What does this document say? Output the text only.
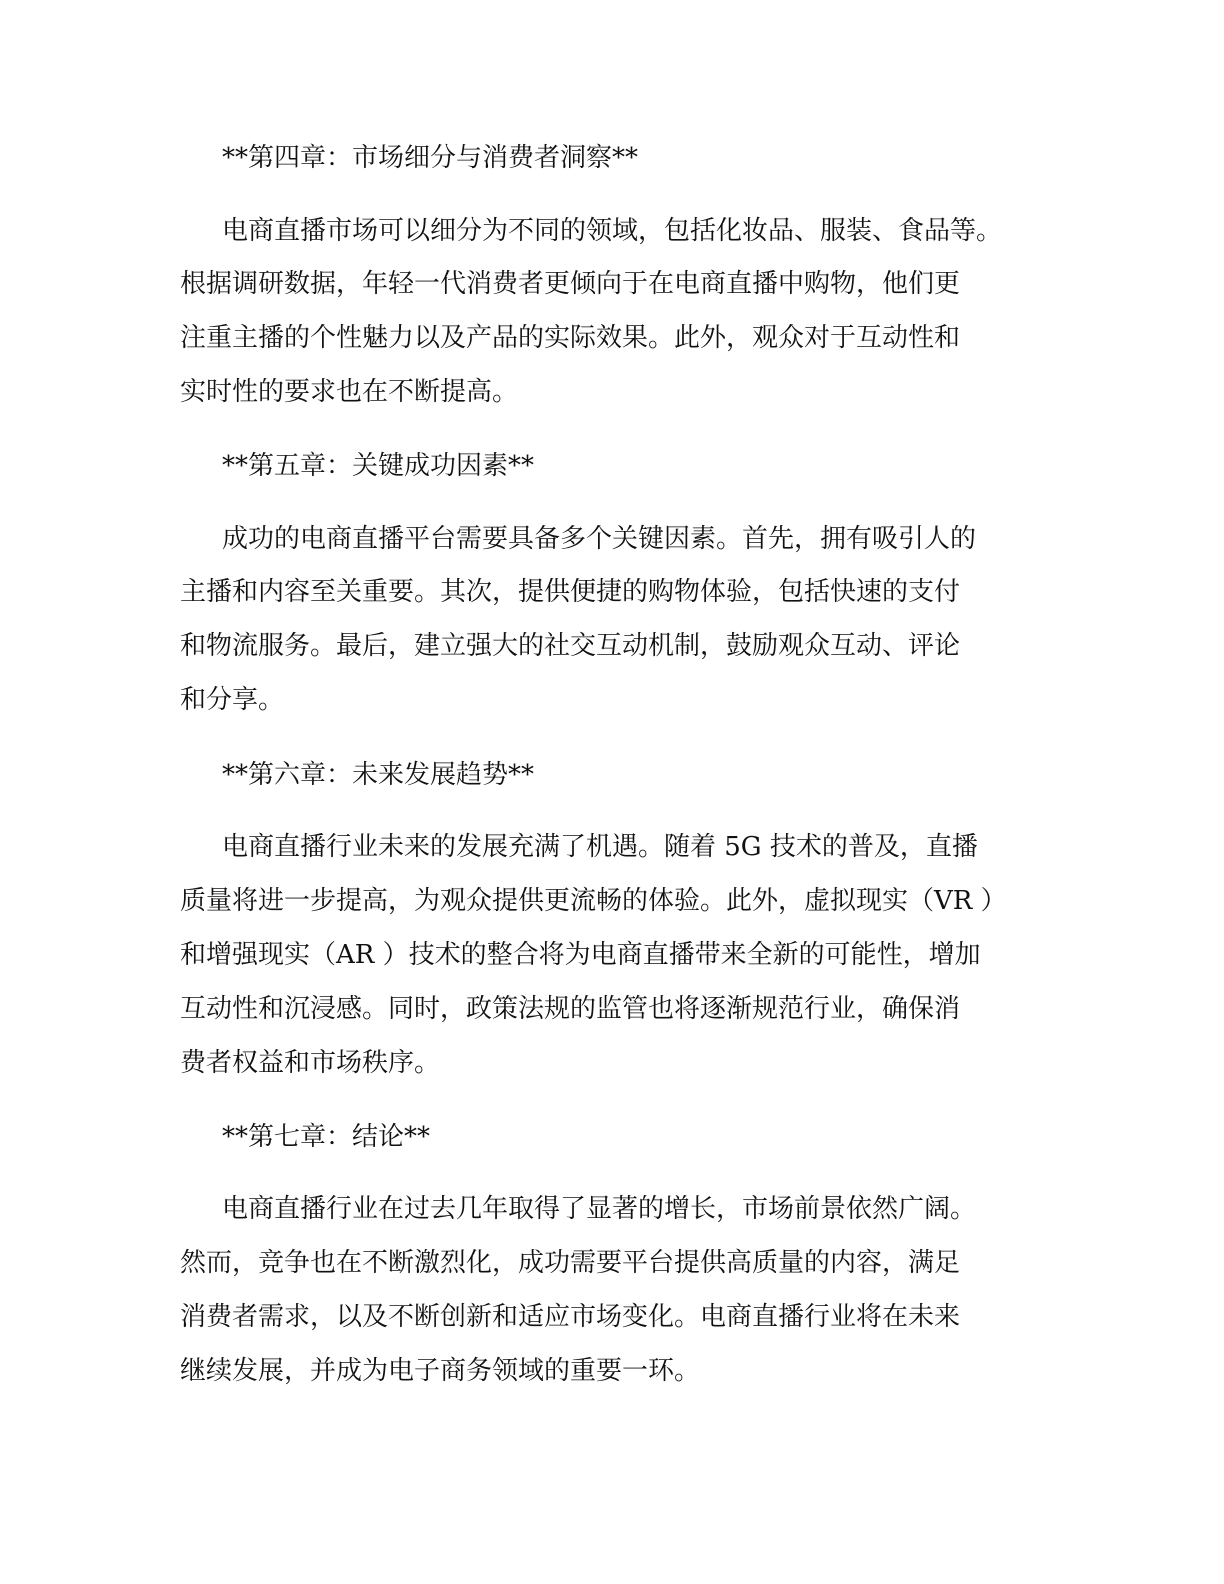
**第四章：市场细分与消费者洞察**
电商直播市场可以细分为不同的领域，包括化妆品、服装、食品等。
根据调研数据，年轻一代消费者更倾向于在电商直播中购物，他们更
注重主播的个性魅力以及产品的实际效果。此外，观众对于互动性和
实时性的要求也在不断提高。
**第五章：关键成功因素**
成功的电商直播平台需要具备多个关键因素。首先，拥有吸引人的
主播和内容至关重要。其次，提供便捷的购物体验，包括快速的支付
和物流服务。最后，建立强大的社交互动机制，鼓励观众互动、评论
和分享。
**第六章：未来发展趋势**
电商直播行业未来的发展充满了机遇。随着 5G 技术的普及，直播
质量将进一步提高，为观众提供更流畅的体验。此外，虚拟现实（VR ）
和增强现实（AR ）技术的整合将为电商直播带来全新的可能性，增加
互动性和沉浸感。同时，政策法规的监管也将逐渐规范行业，确保消
费者权益和市场秩序。
**第七章：结论**
电商直播行业在过去几年取得了显著的增长，市场前景依然广阔。
然而，竞争也在不断激烈化，成功需要平台提供高质量的内容，满足
消费者需求，以及不断创新和适应市场变化。电商直播行业将在未来
继续发展，并成为电子商务领域的重要一环。
